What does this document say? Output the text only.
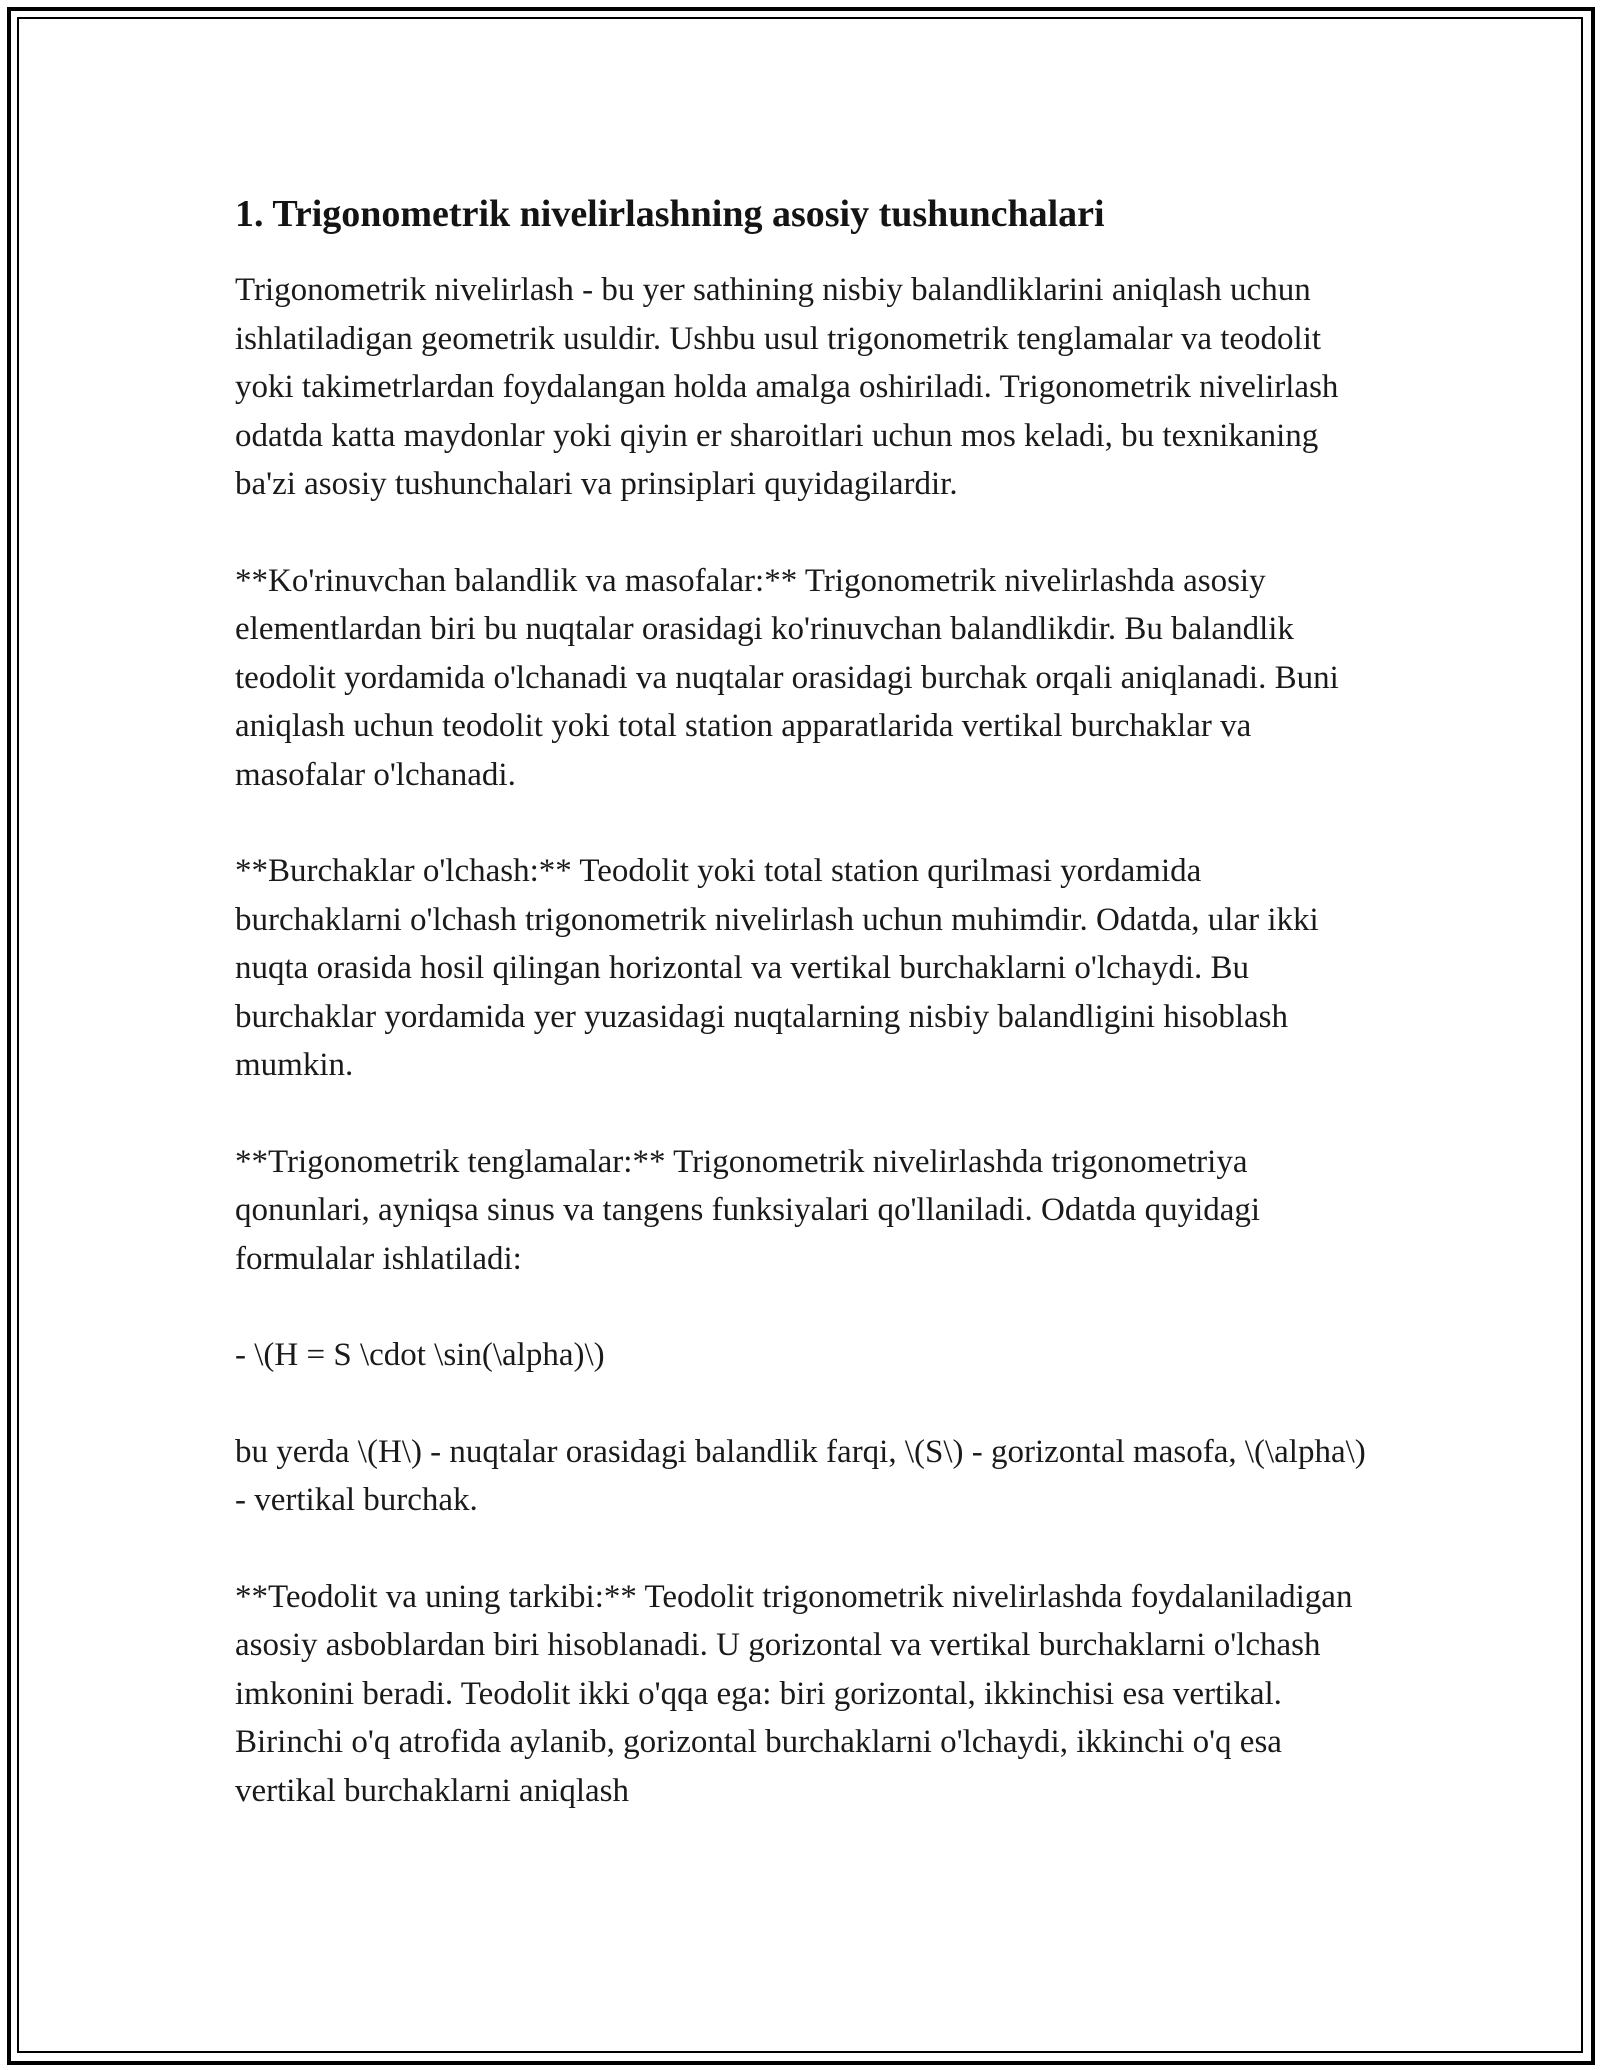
1. Trigonometrik nivelirlashning asosiy tushunchalari

Trigonometrik nivelirlash - bu yer sathining nisbiy balandliklarini aniqlash uchun ishlatiladigan geometrik usuldir. Ushbu usul trigonometrik tenglamalar va teodolit yoki takimetrlardan foydalangan holda amalga oshiriladi. Trigonometrik nivelirlash odatda katta maydonlar yoki qiyin er sharoitlari uchun mos keladi, bu texnikaning ba'zi asosiy tushunchalari va prinsiplari quyidagilardir.

**Ko'rinuvchan balandlik va masofalar:** Trigonometrik nivelirlashda asosiy elementlardan biri bu nuqtalar orasidagi ko'rinuvchan balandlikdir. Bu balandlik teodolit yordamida o'lchanadi va nuqtalar orasidagi burchak orqali aniqlanadi. Buni aniqlash uchun teodolit yoki total station apparatlarida vertikal burchaklar va masofalar o'lchanadi.

**Burchaklar o'lchash:** Teodolit yoki total station qurilmasi yordamida burchaklarni o'lchash trigonometrik nivelirlash uchun muhimdir. Odatda, ular ikki nuqta orasida hosil qilingan horizontal va vertikal burchaklarni o'lchaydi. Bu burchaklar yordamida yer yuzasidagi nuqtalarning nisbiy balandligini hisoblash mumkin.

**Trigonometrik tenglamalar:** Trigonometrik nivelirlashda trigonometriya qonunlari, ayniqsa sinus va tangens funksiyalari qo'llaniladi. Odatda quyidagi formulalar ishlatiladi:

- \(H = S \cdot \sin(\alpha)\)

bu yerda \(H\) - nuqtalar orasidagi balandlik farqi, \(S\) - gorizontal masofa, \(\alpha\) - vertikal burchak.

**Teodolit va uning tarkibi:** Teodolit trigonometrik nivelirlashda foydalaniladigan asosiy asboblardan biri hisoblanadi. U gorizontal va vertikal burchaklarni o'lchash imkonini beradi. Teodolit ikki o'qqa ega: biri gorizontal, ikkinchisi esa vertikal. Birinchi o'q atrofida aylanib, gorizontal burchaklarni o'lchaydi, ikkinchi o'q esa vertikal burchaklarni aniqlash
